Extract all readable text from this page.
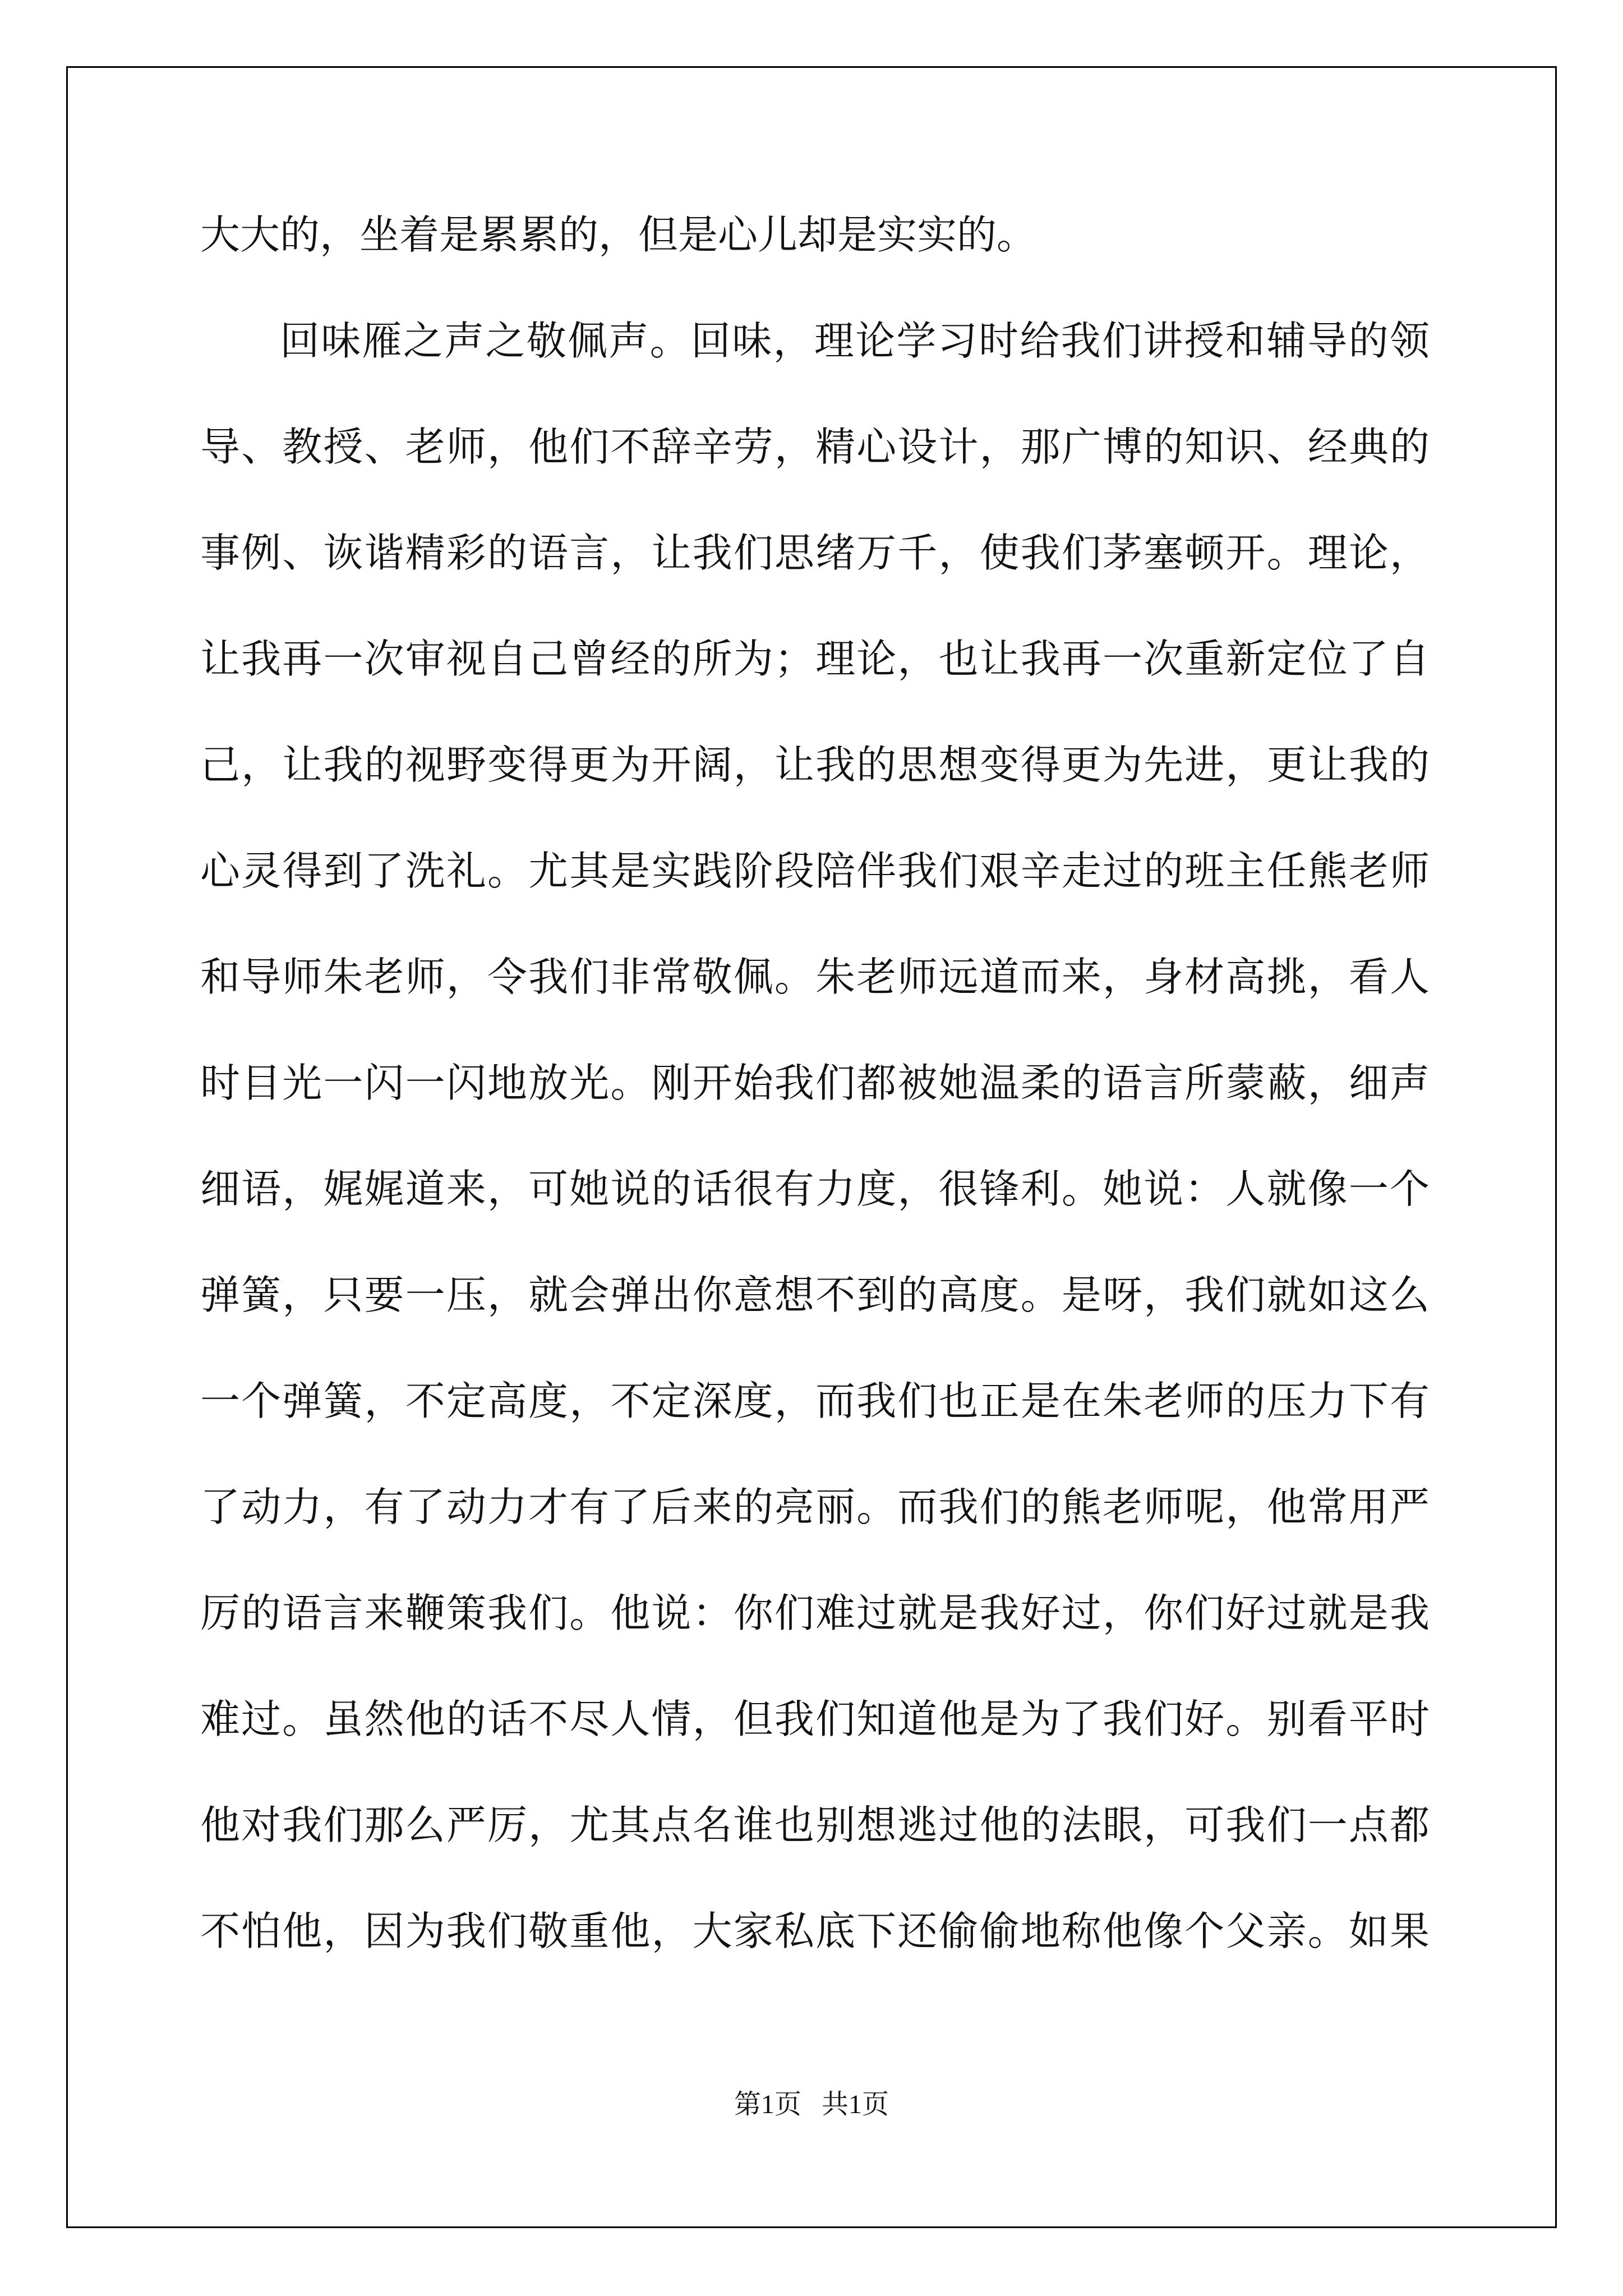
大大的，坐着是累累的，但是心儿却是实实的。
回味雁之声之敬佩声。回味，理论学习时给我们讲授和辅导的领
导、教授、老师，他们不辞辛劳，精心设计，那广博的知识、经典的
事例、诙谐精彩的语言，让我们思绪万千，使我们茅塞顿开。理论，
让我再一次审视自己曾经的所为；理论，也让我再一次重新定位了自
己，让我的视野变得更为开阔，让我的思想变得更为先进，更让我的
心灵得到了洗礼。尤其是实践阶段陪伴我们艰辛走过的班主任熊老师
和导师朱老师，令我们非常敬佩。朱老师远道而来，身材高挑，看人
时目光一闪一闪地放光。刚开始我们都被她温柔的语言所蒙蔽，细声
细语，娓娓道来，可她说的话很有力度，很锋利。她说：人就像一个
弹簧，只要一压，就会弹出你意想不到的高度。是呀，我们就如这么
一个弹簧，不定高度，不定深度，而我们也正是在朱老师的压力下有
了动力，有了动力才有了后来的亮丽。而我们的熊老师呢，他常用严
厉的语言来鞭策我们。他说：你们难过就是我好过，你们好过就是我
难过。虽然他的话不尽人情，但我们知道他是为了我们好。别看平时
他对我们那么严厉，尤其点名谁也别想逃过他的法眼，可我们一点都
不怕他，因为我们敬重他，大家私底下还偷偷地称他像个父亲。如果
第1页   共1页
